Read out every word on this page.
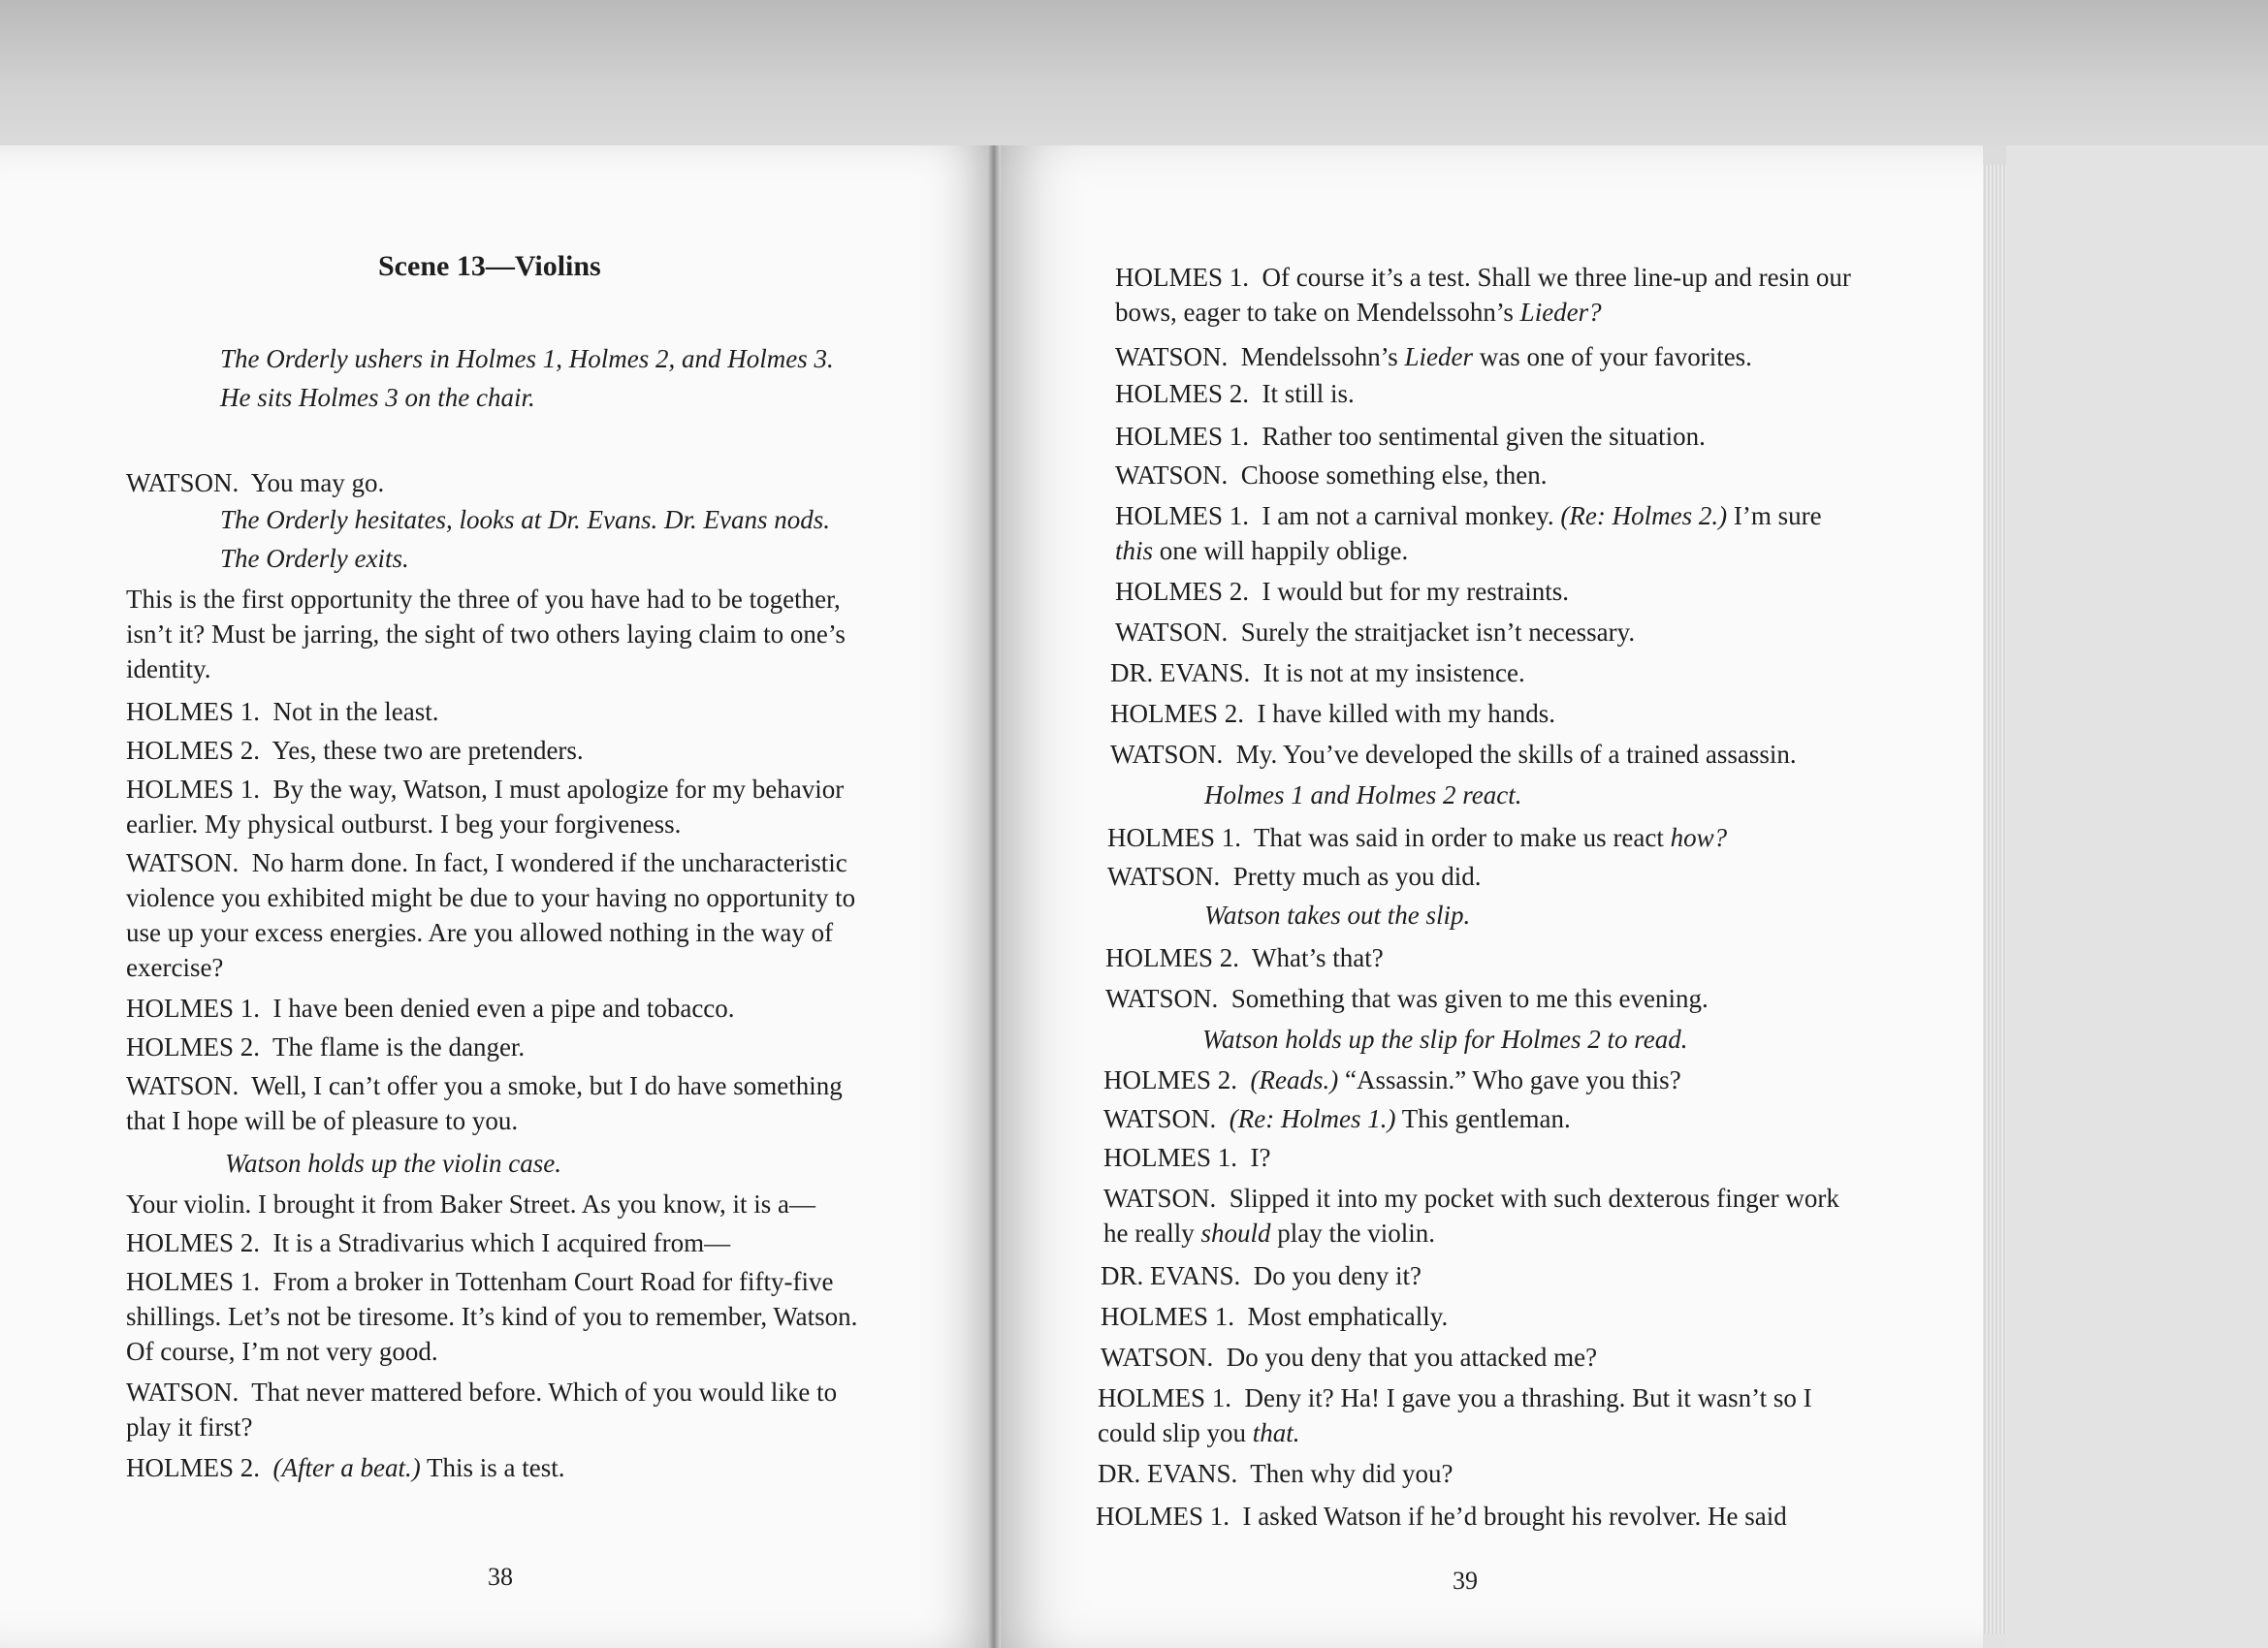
Scene 13—Violins
The Orderly ushers in Holmes 1, Holmes 2, and Holmes 3.
He sits Holmes 3 on the chair.
WATSON. You may go.
The Orderly hesitates, looks at Dr. Evans. Dr. Evans nods.
The Orderly exits.
This is the first opportunity the three of you have had to be together, isn’t it? Must be jarring, the sight of two others laying claim to one’s identity.
HOLMES 1. Not in the least.
HOLMES 2. Yes, these two are pretenders.
HOLMES 1. By the way, Watson, I must apologize for my behavior earlier. My physical outburst. I beg your forgiveness.
WATSON. No harm done. In fact, I wondered if the uncharacteristic violence you exhibited might be due to your having no opportunity to use up your excess energies. Are you allowed nothing in the way of exercise?
HOLMES 1. I have been denied even a pipe and tobacco.
HOLMES 2. The flame is the danger.
WATSON. Well, I can’t offer you a smoke, but I do have something that I hope will be of pleasure to you.
Watson holds up the violin case.
Your violin. I brought it from Baker Street. As you know, it is a—
HOLMES 2. It is a Stradivarius which I acquired from—
HOLMES 1. From a broker in Tottenham Court Road for fifty-five shillings. Let’s not be tiresome. It’s kind of you to remember, Watson. Of course, I’m not very good.
WATSON. That never mattered before. Which of you would like to play it first?
HOLMES 2. (After a beat.) This is a test.
38
HOLMES 1. Of course it’s a test. Shall we three line-up and resin our bows, eager to take on Mendelssohn’s Lieder?
WATSON. Mendelssohn’s Lieder was one of your favorites.
HOLMES 2. It still is.
HOLMES 1. Rather too sentimental given the situation.
WATSON. Choose something else, then.
HOLMES 1. I am not a carnival monkey. (Re: Holmes 2.) I’m sure this one will happily oblige.
HOLMES 2. I would but for my restraints.
WATSON. Surely the straitjacket isn’t necessary.
DR. EVANS. It is not at my insistence.
HOLMES 2. I have killed with my hands.
WATSON. My. You’ve developed the skills of a trained assassin.
Holmes 1 and Holmes 2 react.
HOLMES 1. That was said in order to make us react how?
WATSON. Pretty much as you did.
Watson takes out the slip.
HOLMES 2. What’s that?
WATSON. Something that was given to me this evening.
Watson holds up the slip for Holmes 2 to read.
HOLMES 2. (Reads.) “Assassin.” Who gave you this?
WATSON. (Re: Holmes 1.) This gentleman.
HOLMES 1. I?
WATSON. Slipped it into my pocket with such dexterous finger work he really should play the violin.
DR. EVANS. Do you deny it?
HOLMES 1. Most emphatically.
WATSON. Do you deny that you attacked me?
HOLMES 1. Deny it? Ha! I gave you a thrashing. But it wasn’t so I could slip you that.
DR. EVANS. Then why did you?
HOLMES 1. I asked Watson if he’d brought his revolver. He said
39
